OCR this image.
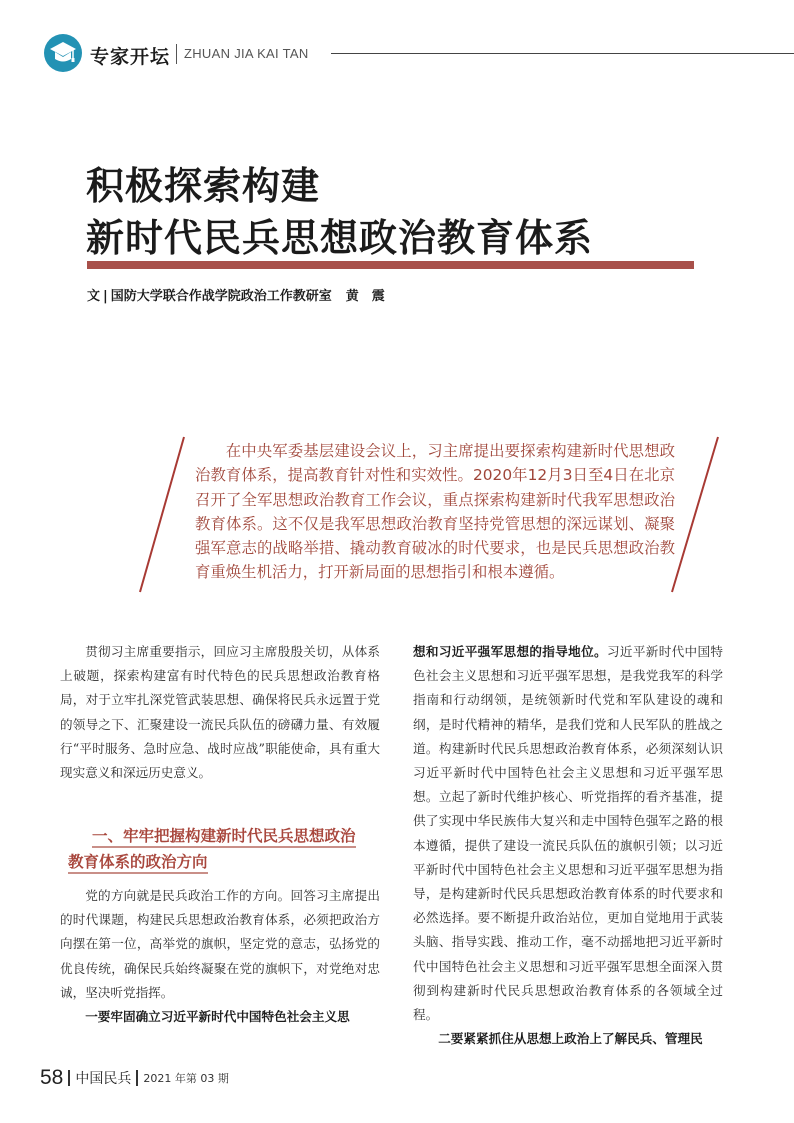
专家开坛 ZHUAN JIA KAI TAN
积极探索构建
新时代民兵思想政治教育体系
文 | 国防大学联合作战学院政治工作教研室 黄　震
在中央军委基层建设会议上，习主席提出要探索构建新时代思想政治教育体系，提高教育针对性和实效性。2020年12月3日至4日在北京召开了全军思想政治教育工作会议，重点探索构建新时代我军思想政治教育体系。这不仅是我军思想政治教育坚持党管思想的深远谋划、凝聚强军意志的战略举措、撬动教育破冰的时代要求，也是民兵思想政治教育重焕生机活力，打开新局面的思想指引和根本遵循。

贯彻习主席重要指示，回应习主席殷殷关切，从体系上破题，探索构建富有时代特色的民兵思想政治教育格局，对于立牢扎深党管武装思想、确保将民兵永远置于党的领导之下、汇聚建设一流民兵队伍的磅礴力量、有效履行“平时服务、急时应急、战时应战”职能使命，具有重大现实意义和深远历史意义。

一、牢牢把握构建新时代民兵思想政治
教育体系的政治方向

党的方向就是民兵政治工作的方向。回答习主席提出的时代课题，构建民兵思想政治教育体系，必须把政治方向摆在第一位，高举党的旗帜，坚定党的意志，弘扬党的优良传统，确保民兵始终凝聚在党的旗帜下，对党绝对忠诚，坚决听党指挥。

一要牢固确立习近平新时代中国特色社会主义思

想和习近平强军思想的指导地位。习近平新时代中国特色社会主义思想和习近平强军思想，是我党我军的科学指南和行动纲领，是统领新时代党和军队建设的魂和纲，是时代精神的精华，是我们党和人民军队的胜战之道。构建新时代民兵思想政治教育体系，必须深刻认识习近平新时代中国特色社会主义思想和习近平强军思想。立起了新时代维护核心、听党指挥的看齐基准，提供了实现中华民族伟大复兴和走中国特色强军之路的根本遵循，提供了建设一流民兵队伍的旗帜引领；以习近平新时代中国特色社会主义思想和习近平强军思想为指导，是构建新时代民兵思想政治教育体系的时代要求和必然选择。要不断提升政治站位，更加自觉地用于武装头脑、指导实践、推动工作，毫不动摇地把习近平新时代中国特色社会主义思想和习近平强军思想全面深入贯彻到构建新时代民兵思想政治教育体系的各领域全过程。

二要紧紧抓住从思想上政治上了解民兵、管理民

58 中国民兵 2021 年第 03 期
